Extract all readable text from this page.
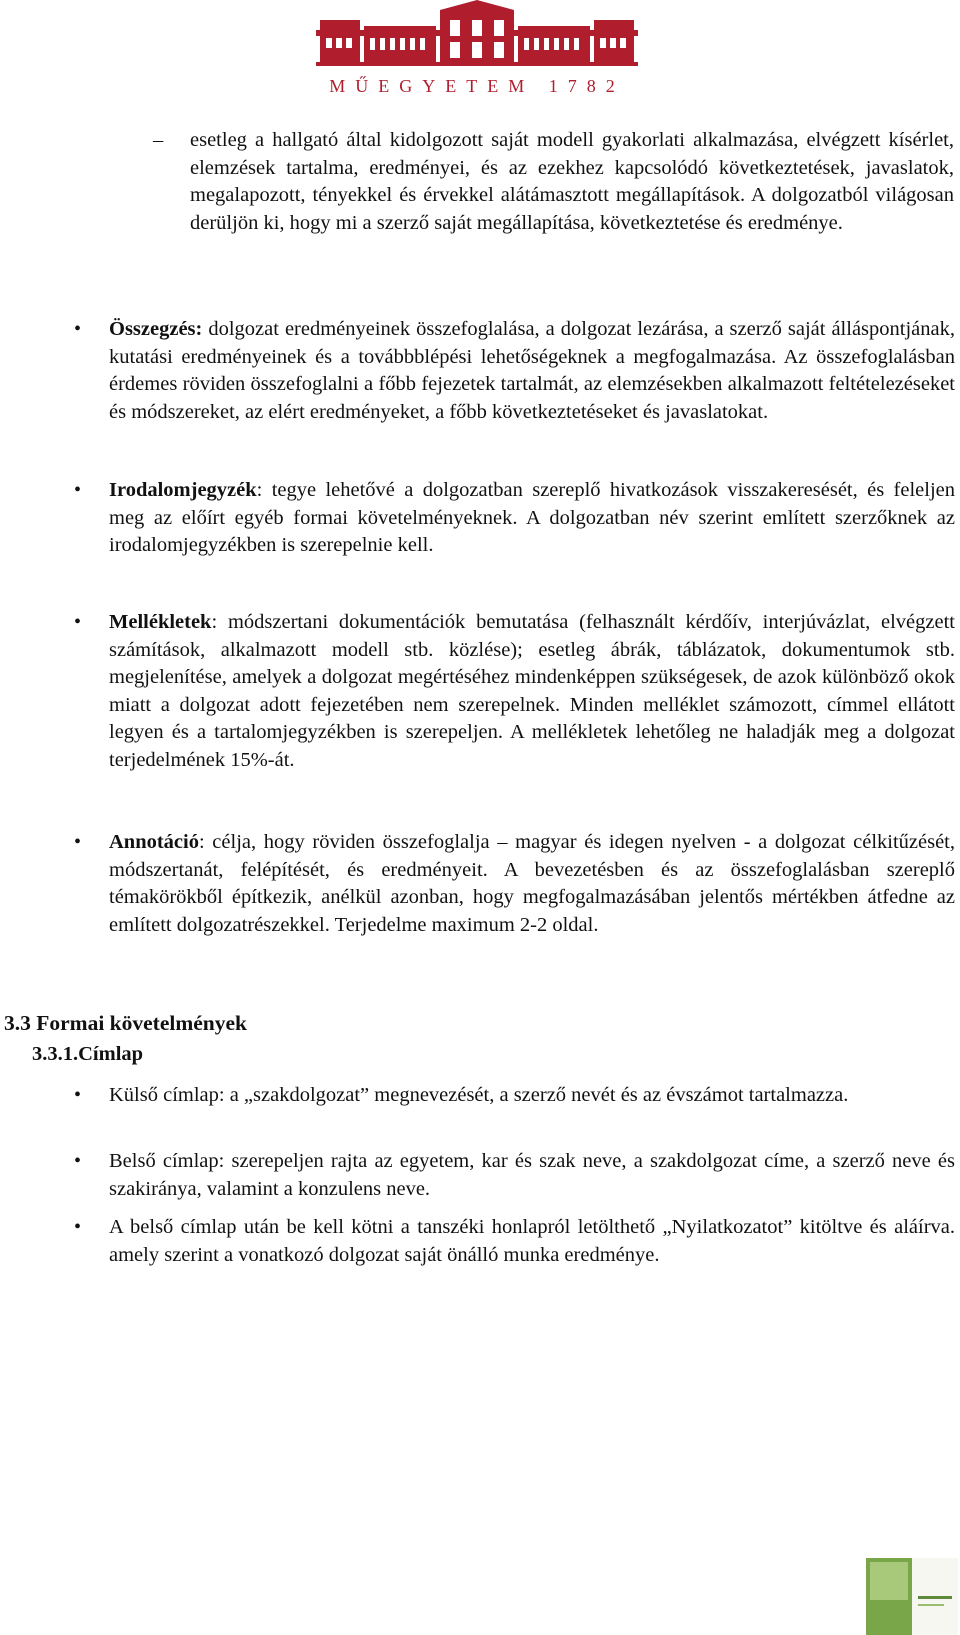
MŰEGYETEM 1782
– esetleg a hallgató által kidolgozott saját modell gyakorlati alkalmazása, elvégzett kísérlet, elemzések tartalma, eredményei, és az ezekhez kapcsolódó következtetések, javaslatok, megalapozott, tényekkel és érvekkel alátámasztott megállapítások. A dolgozatból világosan derüljön ki, hogy mi a szerző saját megállapítása, következtetése és eredménye.

•	Összegzés: dolgozat eredményeinek összefoglalása, a dolgozat lezárása, a szerző saját álláspontjának, kutatási eredményeinek és a továbbblépési lehetőségeknek a megfogalmazása. Az összefoglalásban érdemes röviden összefoglalni a főbb fejezetek tartalmát, az elemzésekben alkalmazott feltételezéseket és módszereket, az elért eredményeket, a főbb következtetéseket és javaslatokat.

•	Irodalomjegyzék: tegye lehetővé a dolgozatban szereplő hivatkozások visszakeresését, és feleljen meg az előírt egyéb formai követelményeknek. A dolgozatban név szerint említett szerzőknek az irodalomjegyzékben is szerepelnie kell.

•	Mellékletek: módszertani dokumentációk bemutatása (felhasznált kérdőív, interjúvázlat, elvégzett számítások, alkalmazott modell stb. közlése); esetleg ábrák, táblázatok, dokumentumok stb. megjelenítése, amelyek a dolgozat megértéséhez mindenképpen szükségesek, de azok különböző okok miatt a dolgozat adott fejezetében nem szerepelnek. Minden melléklet számozott, címmel ellátott legyen és a tartalomjegyzékben is szerepeljen. A mellékletek lehetőleg ne haladják meg a dolgozat terjedelmének 15%-át.

•	Annotáció: célja, hogy röviden összefoglalja – magyar és idegen nyelven - a dolgozat célkitűzését, módszertanát, felépítését, és eredményeit. A bevezetésben és az összefoglalásban szereplő témakörökből építkezik, anélkül azonban, hogy megfogalmazásában jelentős mértékben átfedne az említett dolgozatrészekkel. Terjedelme maximum 2-2 oldal.

3.3 Formai követelmények
3.3.1.Címlap
•	Külső címlap: a „szakdolgozat” megnevezését, a szerző nevét és az évszámot tartalmazza.

•	Belső címlap: szerepeljen rajta az egyetem, kar és szak neve, a szakdolgozat címe, a szerző neve és szakiránya, valamint a konzulens neve.

•	A belső címlap után be kell kötni a tanszéki honlapról letölthető „Nyilatkozatot” kitöltve és aláírva. amely szerint a vonatkozó dolgozat saját önálló munka eredménye.
